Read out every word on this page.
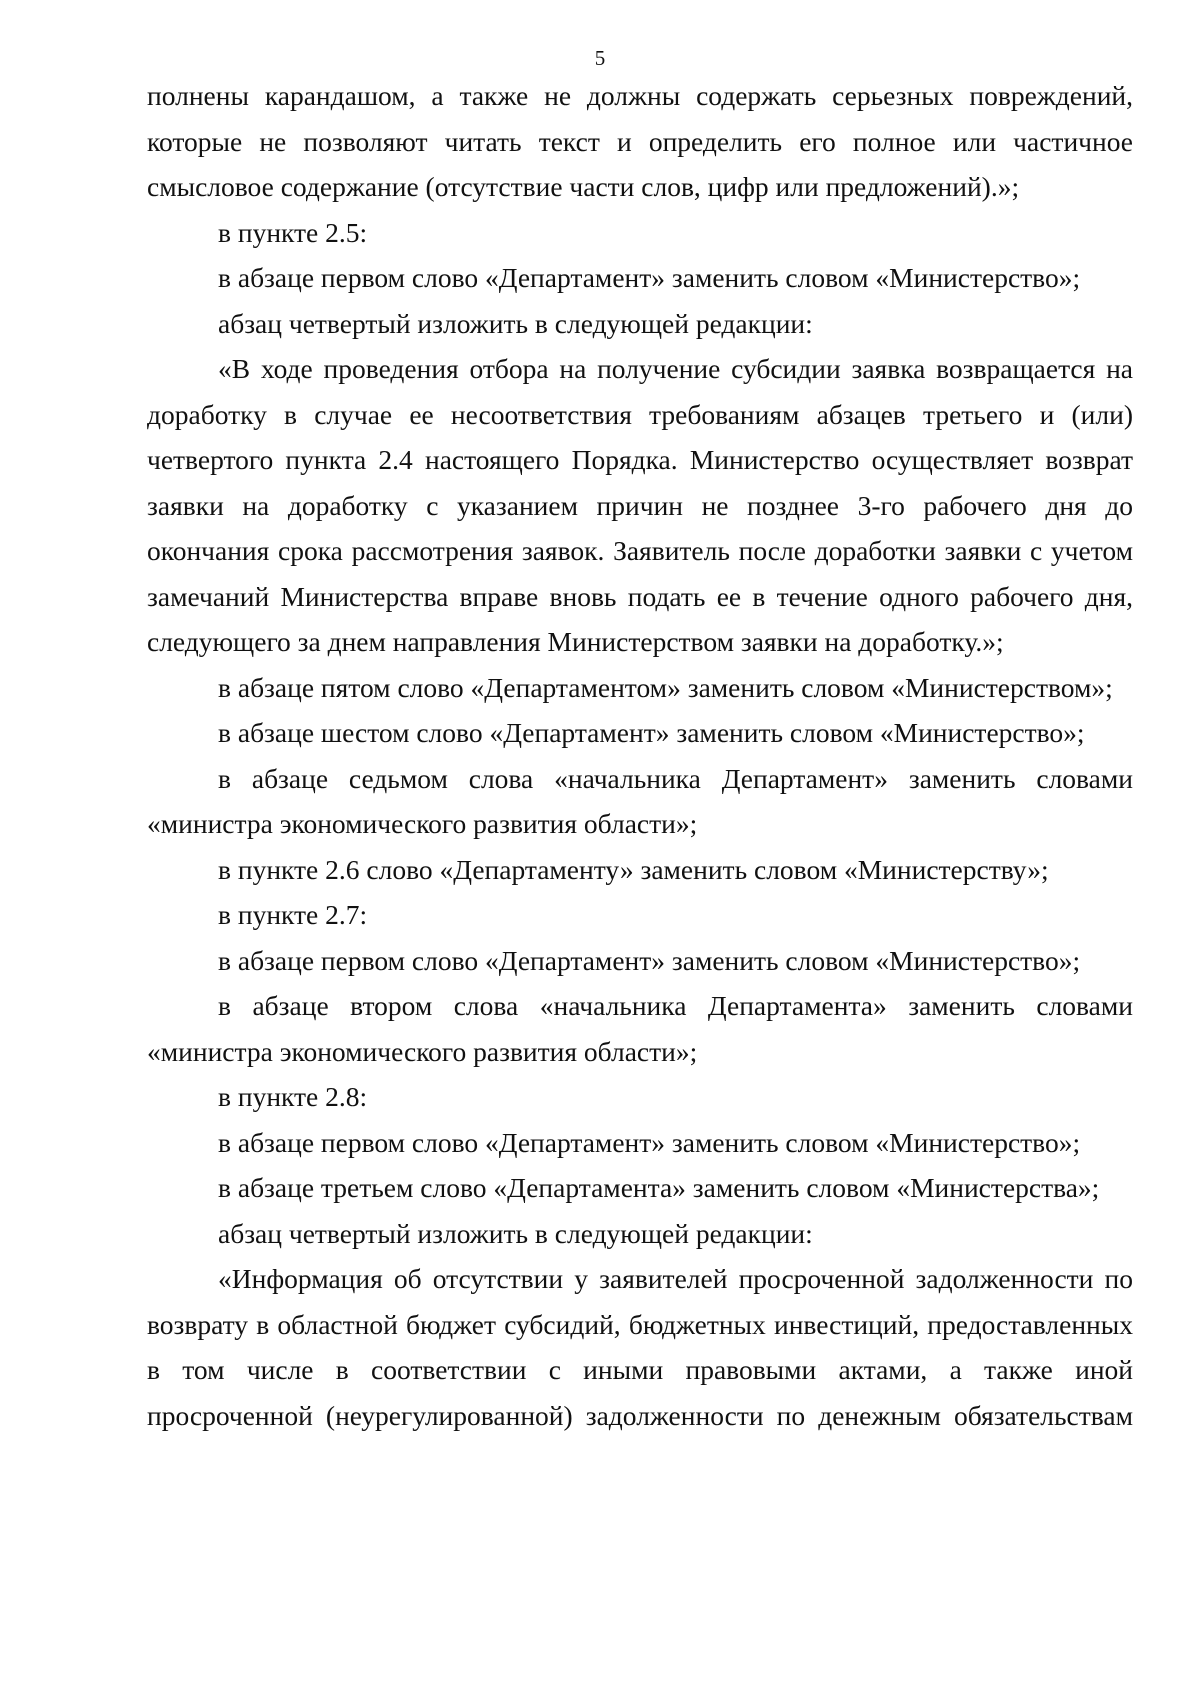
5

полнены карандашом, а также не должны содержать серьезных повреждений, которые не позволяют читать текст и определить его полное или частичное смысловое содержание (отсутствие части слов, цифр или предложений).»;

в пункте 2.5:

в абзаце первом слово «Департамент» заменить словом «Министерство»;

абзац четвертый изложить в следующей редакции:

«В ходе проведения отбора на получение субсидии заявка возвращается на доработку в случае ее несоответствия требованиям абзацев третьего и (или) четвертого пункта 2.4 настоящего Порядка. Министерство осуществляет возврат заявки на доработку с указанием причин не позднее 3-го рабочего дня до окончания срока рассмотрения заявок. Заявитель после доработки заявки с учетом замечаний Министерства вправе вновь подать ее в течение одного рабочего дня, следующего за днем направления Министерством заявки на доработку.»;

в абзаце пятом слово «Департаментом» заменить словом «Министерством»;

в абзаце шестом слово «Департамент» заменить словом «Министерство»;

в абзаце седьмом слова «начальника Департамент» заменить словами «министра экономического развития области»;

в пункте 2.6 слово «Департаменту» заменить словом «Министерству»;

в пункте 2.7:

в абзаце первом слово «Департамент» заменить словом «Министерство»;

в абзаце втором слова «начальника Департамента» заменить словами «министра экономического развития области»;

в пункте 2.8:

в абзаце первом слово «Департамент» заменить словом «Министерство»;

в абзаце третьем слово «Департамента» заменить словом «Министерства»;

абзац четвертый изложить в следующей редакции:

«Информация об отсутствии у заявителей просроченной задолженности по возврату в областной бюджет субсидий, бюджетных инвестиций, предоставленных в том числе в соответствии с иными правовыми актами, а также иной просроченной (неурегулированной) задолженности по денежным обязательствам
